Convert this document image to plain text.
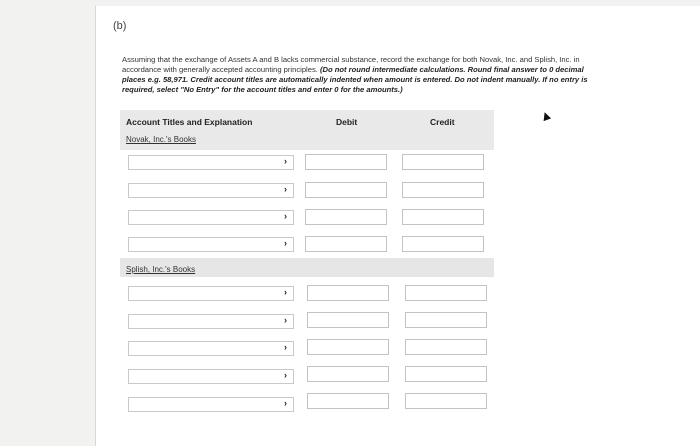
(b)
Assuming that the exchange of Assets A and B lacks commercial substance, record the exchange for both Novak, Inc. and Splish, Inc. in accordance with generally accepted accounting principles. (Do not round intermediate calculations. Round final answer to 0 decimal places e.g. 58,971. Credit account titles are automatically indented when amount is entered. Do not indent manually. If no entry is required, select "No Entry" for the account titles and enter 0 for the amounts.)
Account Titles and Explanation	Debit	Credit
Novak, Inc.'s Books
›
›
›
›
Splish, Inc.'s Books
›
›
›
›
›
